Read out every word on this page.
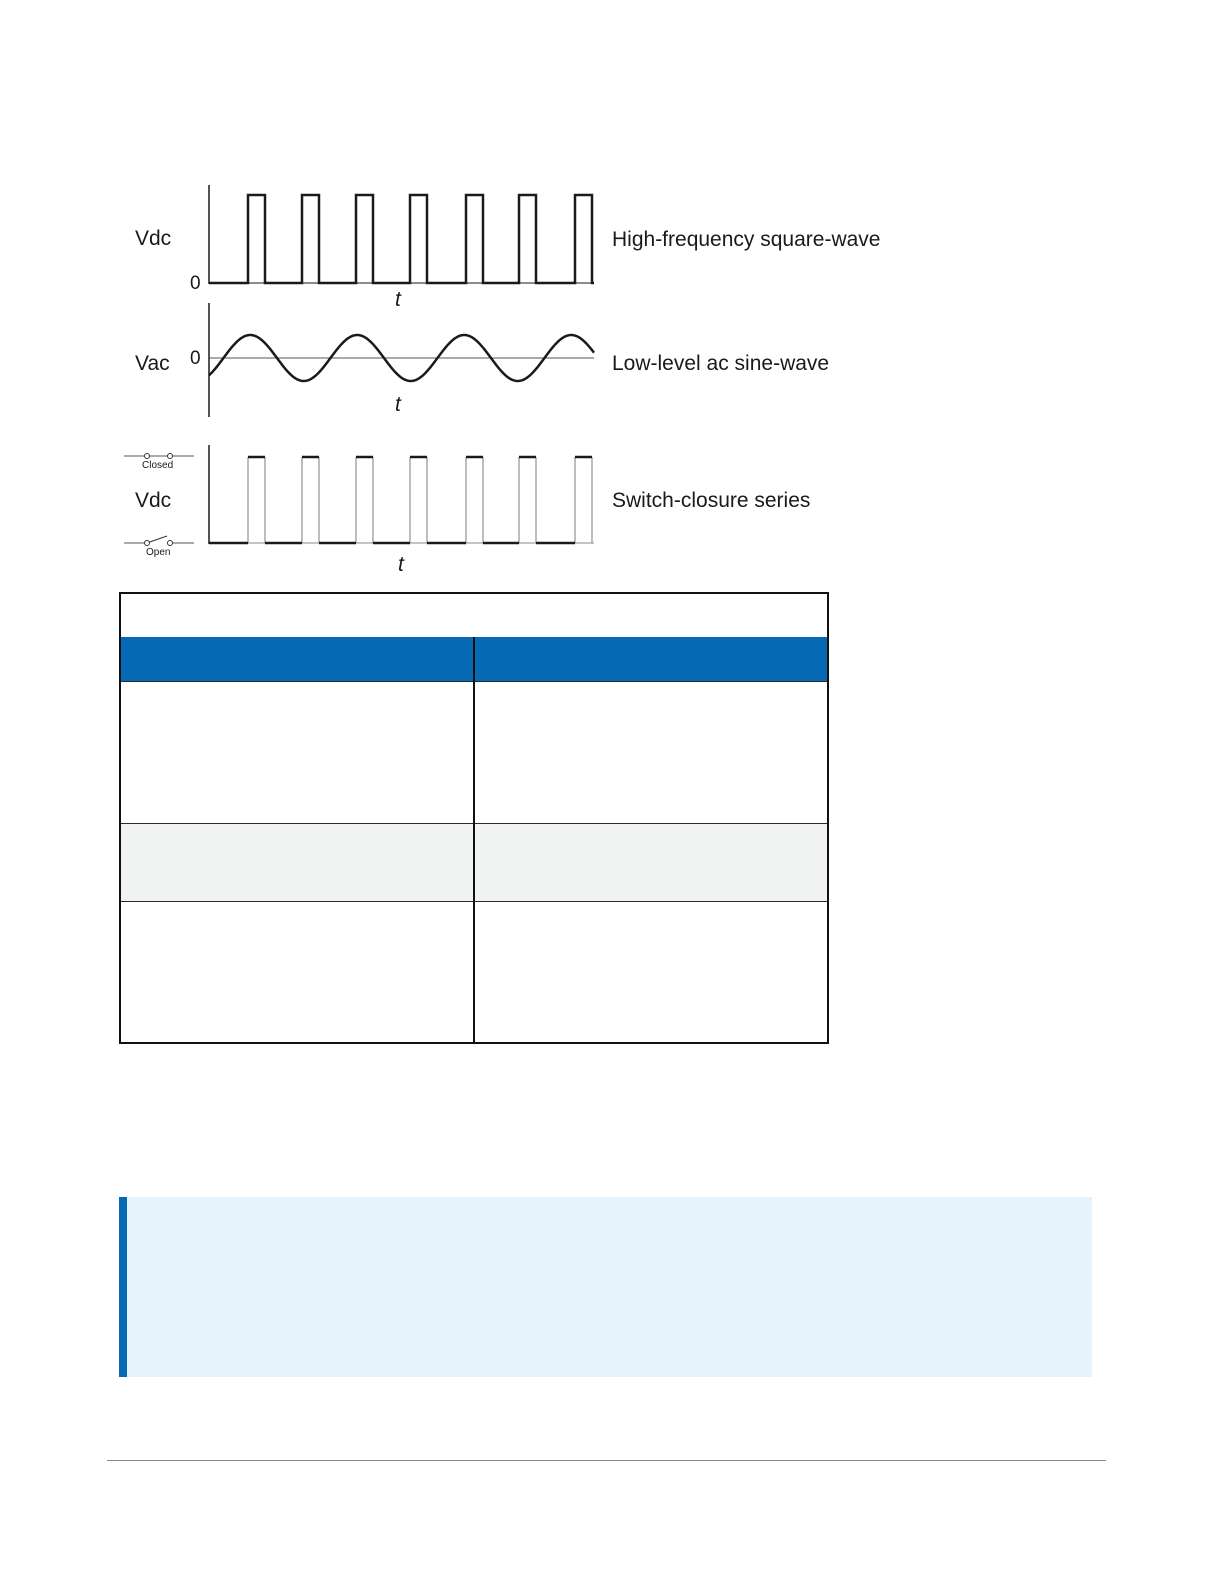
Vdc
0
t
High-frequency square-wave
Vac 0
t
Low-level ac sine-wave
Closed
Open
Vdc
t
Switch-closure series
